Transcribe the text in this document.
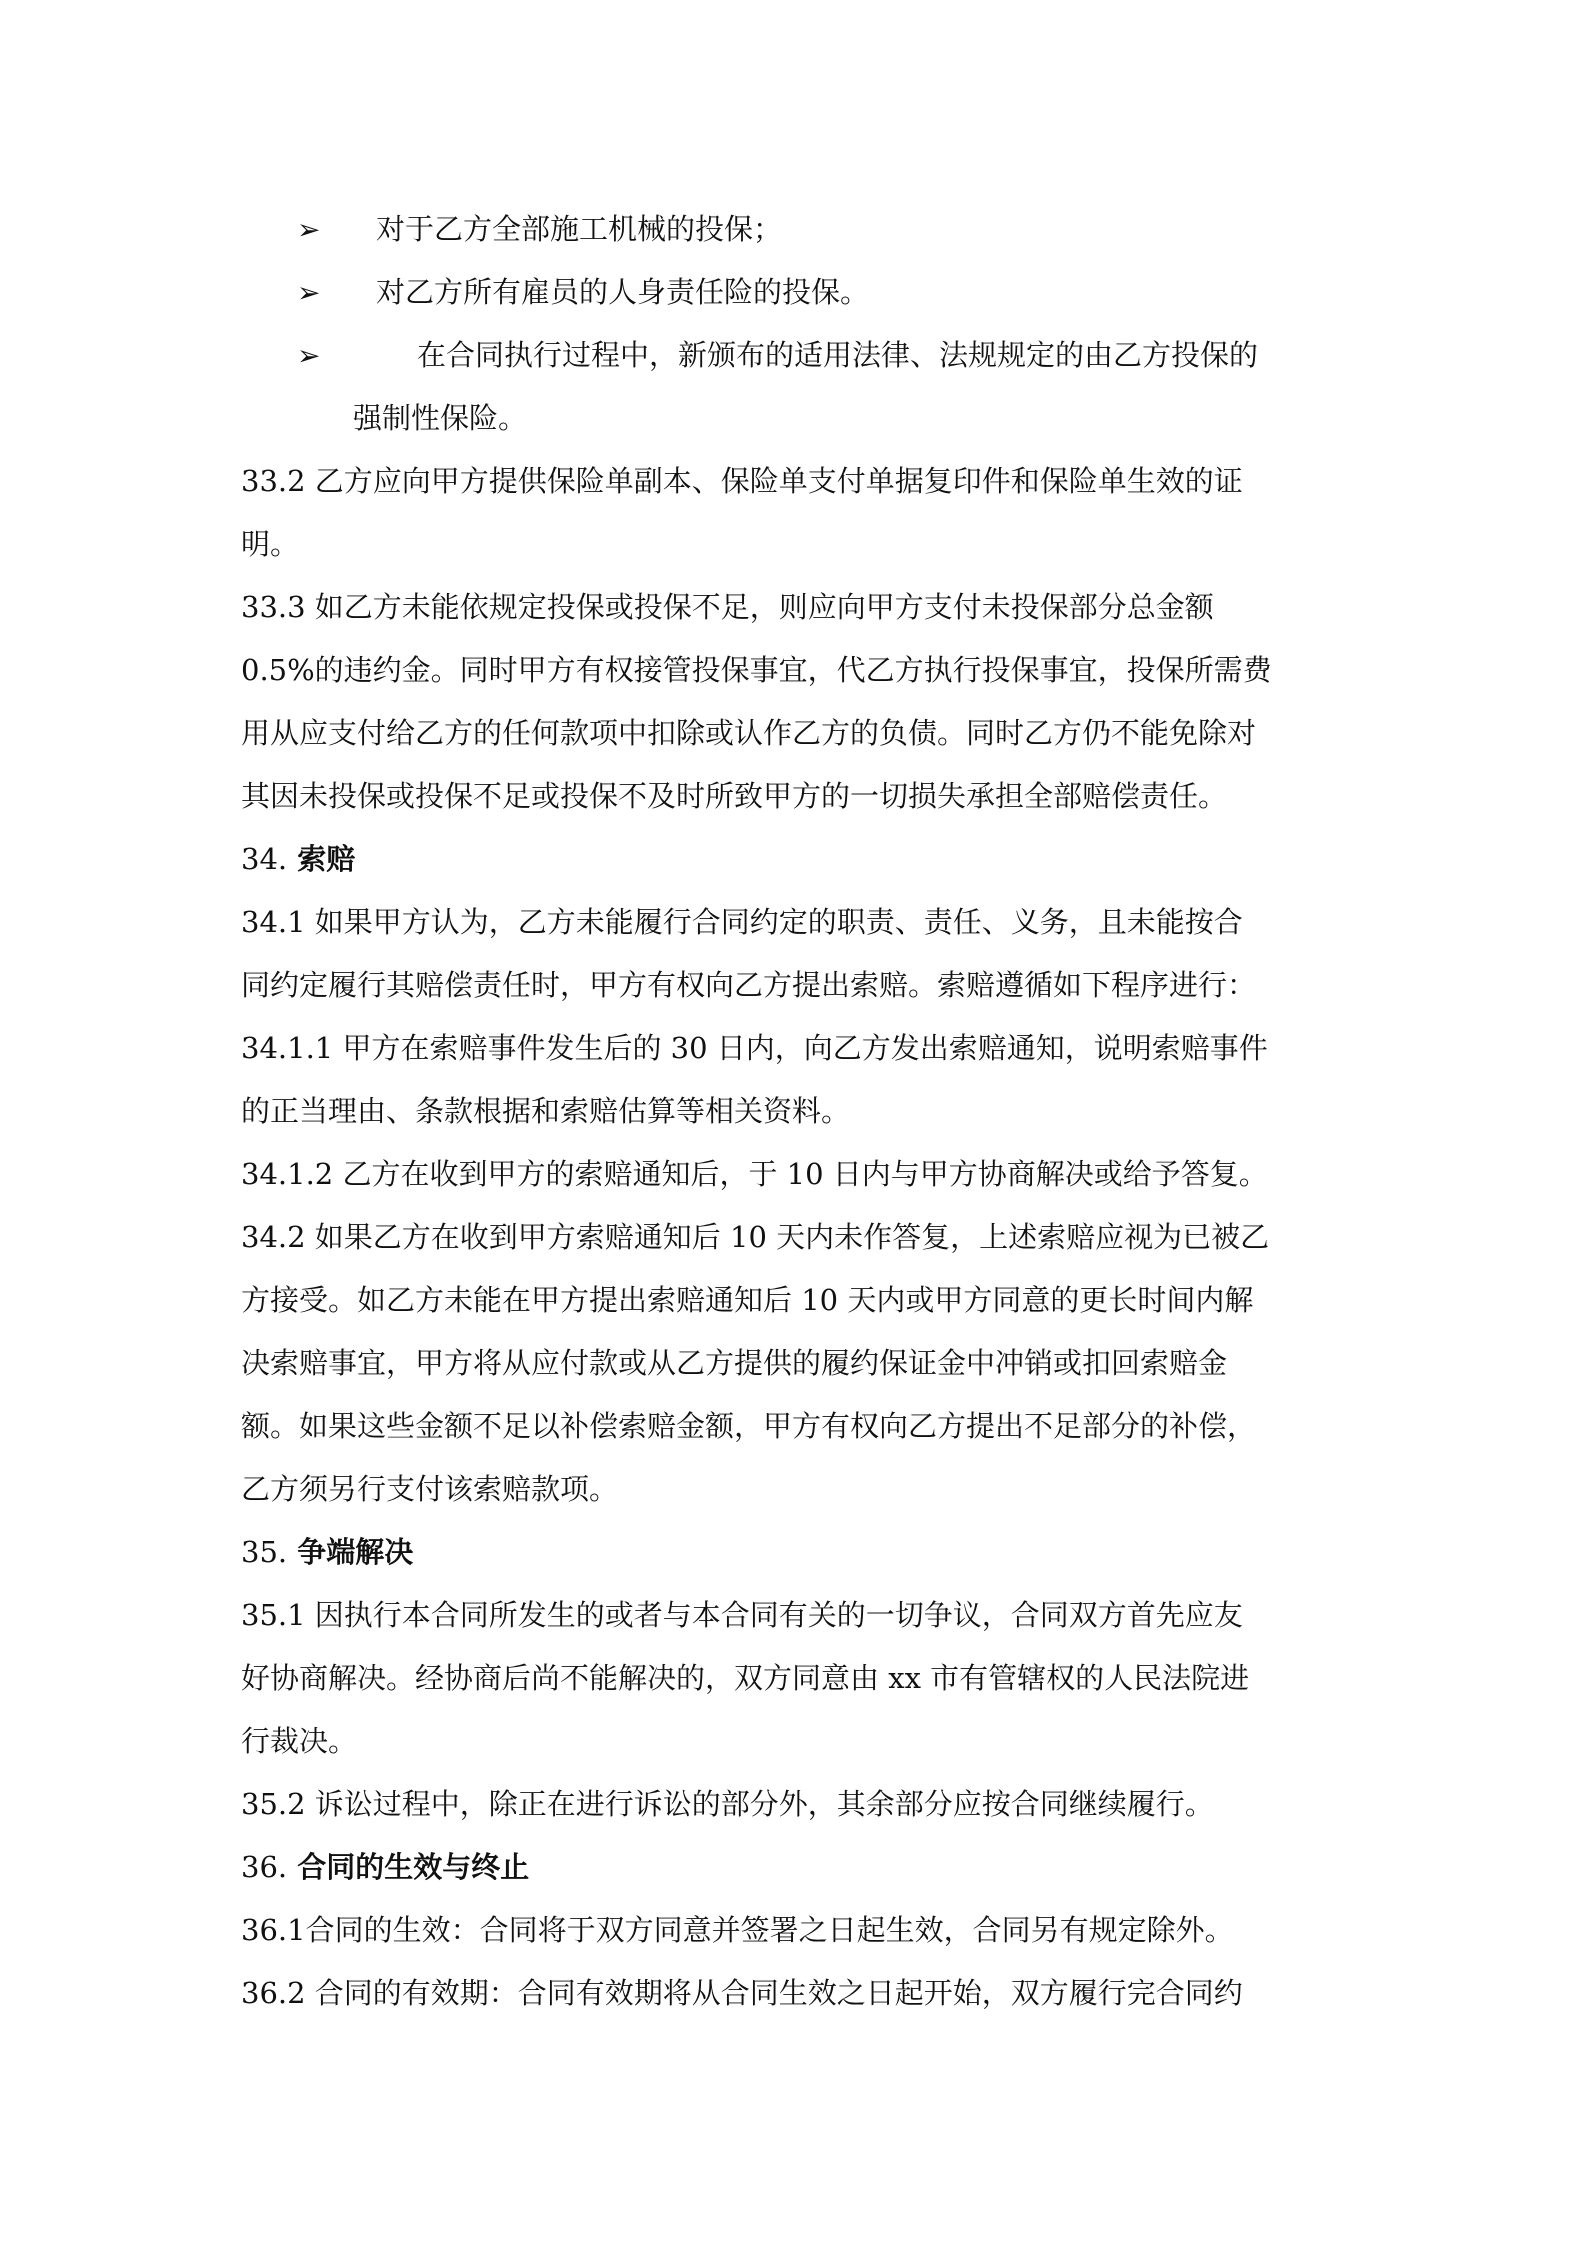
➢	对于乙方全部施工机械的投保；
➢	对乙方所有雇员的人身责任险的投保。
➢	在合同执行过程中，新颁布的适用法律、法规规定的由乙方投保的
强制性保险。
33.2 乙方应向甲方提供保险单副本、保险单支付单据复印件和保险单生效的证
明。
33.3 如乙方未能依规定投保或投保不足，则应向甲方支付未投保部分总金额
0.5%的违约金。同时甲方有权接管投保事宜，代乙方执行投保事宜，投保所需费
用从应支付给乙方的任何款项中扣除或认作乙方的负债。同时乙方仍不能免除对
其因未投保或投保不足或投保不及时所致甲方的一切损失承担全部赔偿责任。
34. 索赔
34.1 如果甲方认为，乙方未能履行合同约定的职责、责任、义务，且未能按合
同约定履行其赔偿责任时，甲方有权向乙方提出索赔。索赔遵循如下程序进行：
34.1.1 甲方在索赔事件发生后的 30 日内，向乙方发出索赔通知，说明索赔事件
的正当理由、条款根据和索赔估算等相关资料。
34.1.2 乙方在收到甲方的索赔通知后，于 10 日内与甲方协商解决或给予答复。
34.2 如果乙方在收到甲方索赔通知后 10 天内未作答复，上述索赔应视为已被乙
方接受。如乙方未能在甲方提出索赔通知后 10 天内或甲方同意的更长时间内解
决索赔事宜，甲方将从应付款或从乙方提供的履约保证金中冲销或扣回索赔金
额。如果这些金额不足以补偿索赔金额，甲方有权向乙方提出不足部分的补偿，
乙方须另行支付该索赔款项。
35. 争端解决
35.1 因执行本合同所发生的或者与本合同有关的一切争议，合同双方首先应友
好协商解决。经协商后尚不能解决的，双方同意由 xx 市有管辖权的人民法院进
行裁决。
35.2 诉讼过程中，除正在进行诉讼的部分外，其余部分应按合同继续履行。
36. 合同的生效与终止
36.1合同的生效：合同将于双方同意并签署之日起生效，合同另有规定除外。
36.2 合同的有效期：合同有效期将从合同生效之日起开始，双方履行完合同约
